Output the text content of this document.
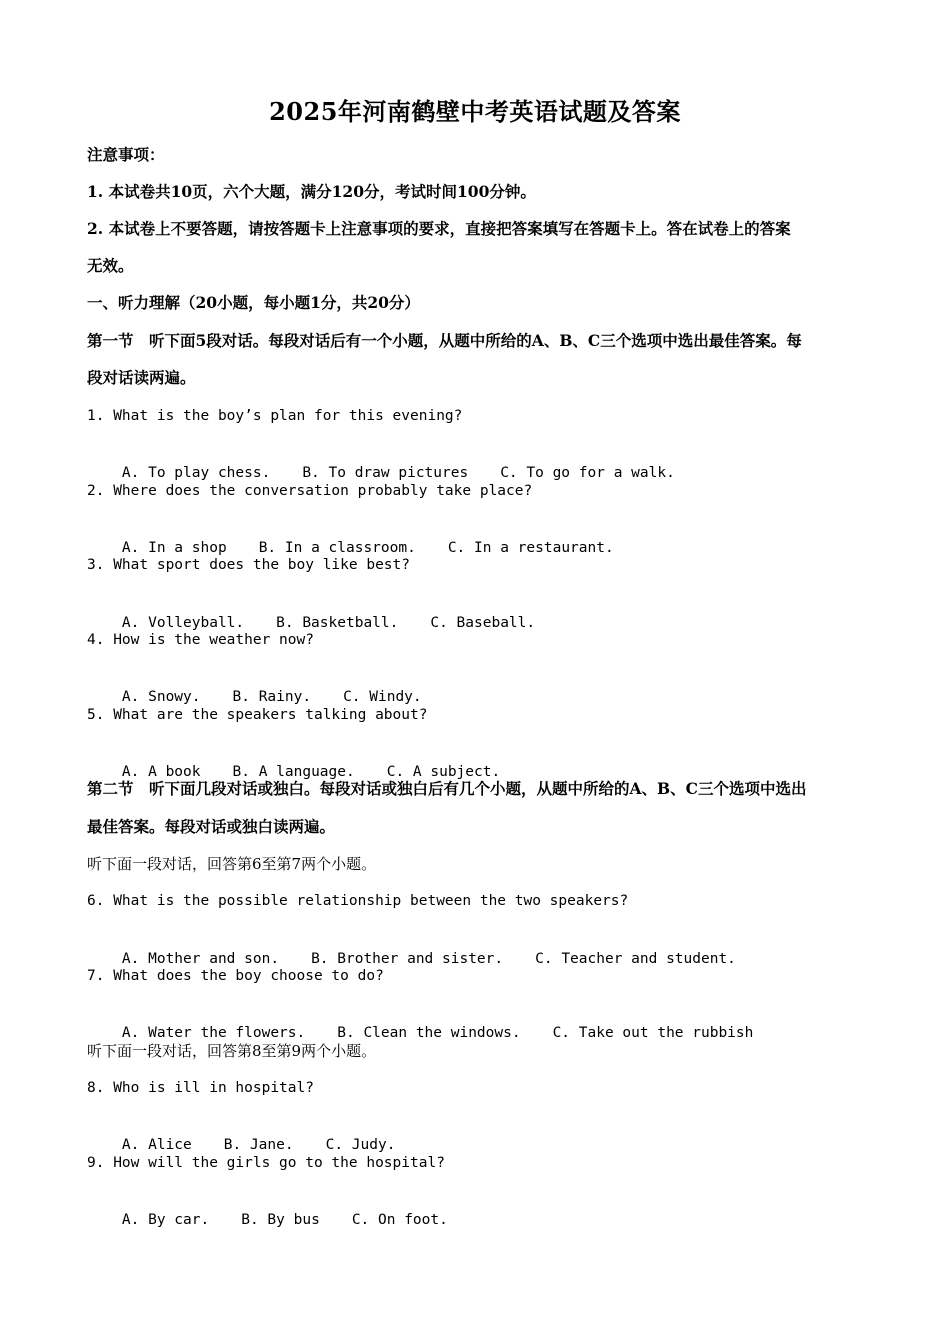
2025年河南鹤壁中考英语试题及答案
注意事项：
1. 本试卷共10页，六个大题，满分120分，考试时间100分钟。
2. 本试卷上不要答题，请按答题卡上注意事项的要求，直接把答案填写在答题卡上。答在试卷上的答案
无效。
一、听力理解（20小题，每小题1分，共20分）
第一节　听下面5段对话。每段对话后有一个小题，从题中所给的A、B、C三个选项中选出最佳答案。每
段对话读两遍。
1. What is the boy’s plan for this evening?

A. To play chess. B. To draw pictures C. To go for a walk.

2. Where does the conversation probably take place?

A. In a shop B. In a classroom. C. In a restaurant.

3. What sport does the boy like best?

A. Volleyball. B. Basketball. C. Baseball.

4. How is the weather now?

A. Snowy. B. Rainy. C. Windy.

5. What are the speakers talking about?

A. A book B. A language. C. A subject.

第二节　听下面几段对话或独白。每段对话或独白后有几个小题，从题中所给的A、B、C三个选项中选出
最佳答案。每段对话或独白读两遍。
听下面一段对话，回答第6至第7两个小题。
6. What is the possible relationship between the two speakers?

A. Mother and son. B. Brother and sister. C. Teacher and student.

7. What does the boy choose to do?

A. Water the flowers. B. Clean the windows. C. Take out the rubbish

听下面一段对话，回答第8至第9两个小题。
8. Who is ill in hospital?

A. Alice B. Jane. C. Judy.

9. How will the girls go to the hospital?

A. By car. B. By bus C. On foot.
